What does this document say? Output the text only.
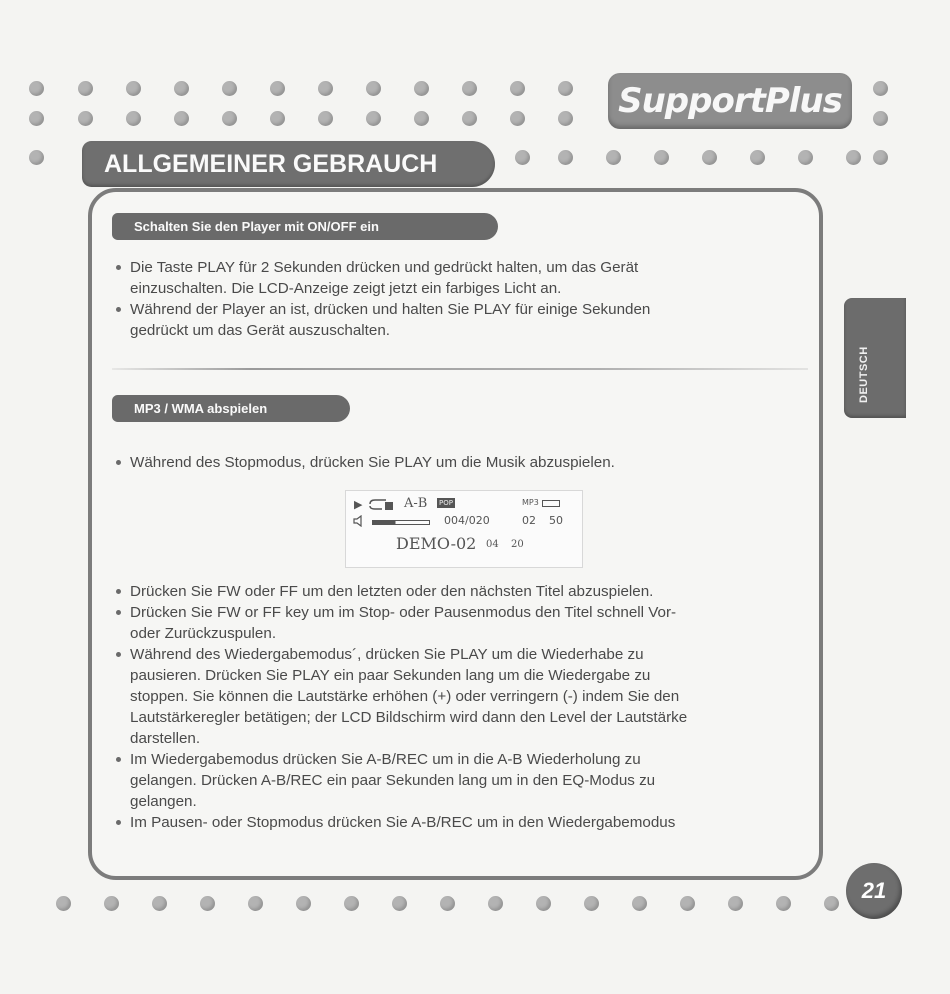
SupportPlus
ALLGEMEINER GEBRAUCH
DEUTSCH
Schalten Sie den Player mit ON/OFF ein
Die Taste PLAY für 2 Sekunden drücken und gedrückt halten, um das Gerät
einzuschalten. Die LCD-Anzeige zeigt jetzt ein farbiges Licht an.
Während der Player an ist, drücken und halten Sie PLAY für einige Sekunden
gedrückt um das Gerät auszuschalten.
MP3 / WMA abspielen
Während des Stopmodus, drücken Sie PLAY um die Musik abzuspielen.
▶	A-B POP	MP3
004/020	02 50
DEMO-02 04 20
Drücken Sie FW oder FF um den letzten oder den nächsten Titel abzuspielen.
Drücken Sie FW or FF key um im Stop- oder Pausenmodus den Titel schnell Vor-
oder Zurückzuspulen.
Während des Wiedergabemodus´, drücken Sie PLAY um die Wiederhabe zu
pausieren. Drücken Sie PLAY ein paar Sekunden lang um die Wiedergabe zu
stoppen. Sie können die Lautstärke erhöhen (+) oder verringern (-) indem Sie den
Lautstärkeregler betätigen; der LCD Bildschirm wird dann den Level der Lautstärke
darstellen.
Im Wiedergabemodus drücken Sie A-B/REC um in die A-B Wiederholung zu
gelangen. Drücken A-B/REC ein paar Sekunden lang um in den EQ-Modus zu
gelangen.
Im Pausen- oder Stopmodus drücken Sie A-B/REC um in den Wiedergabemodus
21
